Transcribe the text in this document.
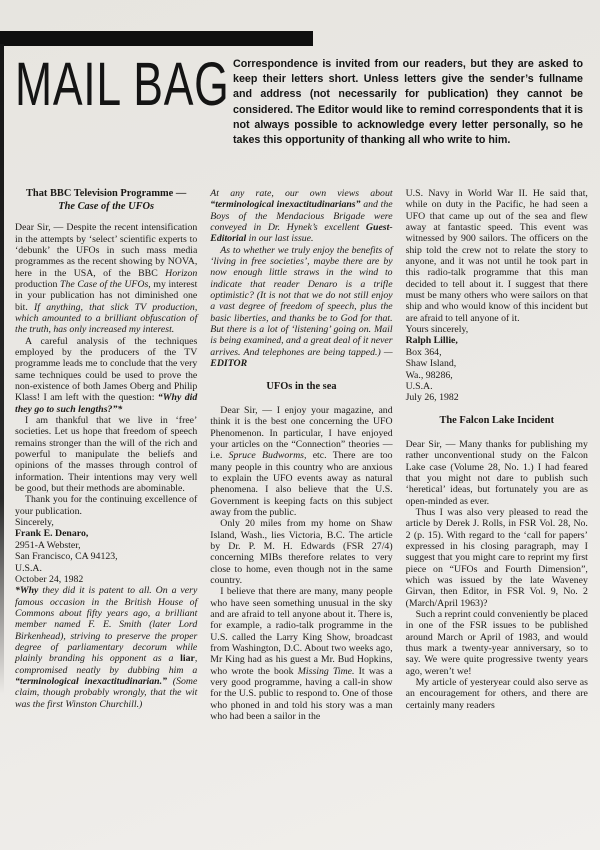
MAIL BAG Correspondence is invited from our readers, but they are asked to keep their letters short. Unless letters give the sender’s fullname and address (not necessarily for publication) they cannot be considered. The Editor would like to remind correspondents that it is not always possible to acknowledge every letter personally, so he takes this opportunity of thanking all who write to him.
That BBC Television Programme —
The Case of the UFOs

Dear Sir, — Despite the recent intensification in the attempts by ‘select’ scientific experts to ‘debunk’ the UFOs in such mass media programmes as the recent showing by NOVA, here in the USA, of the BBC Horizon production The Case of the UFOs, my interest in your publication has not diminished one bit. If anything, that slick TV production, which amounted to a brilliant obfuscation of the truth, has only increased my interest.

A careful analysis of the techniques employed by the producers of the TV programme leads me to conclude that the very same techniques could be used to prove the non-existence of both James Oberg and Philip Klass! I am left with the question: “Why did they go to such lengths?”*

I am thankful that we live in ‘free’ societies. Let us hope that freedom of speech remains stronger than the will of the rich and powerful to manipulate the beliefs and opinions of the masses through control of information. Their intentions may very well be good, but their methods are abominable.

Thank you for the continuing excellence of your publication.

Sincerely,
Frank E. Denaro,
2951-A Webster,
San Francisco, CA 94123,
U.S.A.
October 24, 1982

*Why they did it is patent to all. On a very famous occasion in the British House of Commons about fifty years ago, a brilliant member named F. E. Smith (later Lord Birkenhead), striving to preserve the proper degree of parliamentary decorum while plainly branding his opponent as a liar, compromised neatly by dubbing him a “terminological inexactitudinarian.” (Some claim, though probably wrongly, that the wit was the first Winston Churchill.)

At any rate, our own views about “terminological inexactitudinarians” and the Boys of the Mendacious Brigade were conveyed in Dr. Hynek’s excellent Guest-Editorial in our last issue.

As to whether we truly enjoy the benefits of ‘living in free societies’, maybe there are by now enough little straws in the wind to indicate that reader Denaro is a trifle optimistic? (It is not that we do not still enjoy a vast degree of freedom of speech, plus the basic liberties, and thanks be to God for that. But there is a lot of ‘listening’ going on. Mail is being examined, and a great deal of it never arrives. And telephones are being tapped.) — EDITOR

UFOs in the sea

Dear Sir, — I enjoy your magazine, and think it is the best one concerning the UFO Phenomenon. In particular, I have enjoyed your articles on the “Connection” theories — i.e. Spruce Budworms, etc. There are too many people in this country who are anxious to explain the UFO events away as natural phenomena. I also believe that the U.S. Government is keeping facts on this subject away from the public.

Only 20 miles from my home on Shaw Island, Wash., lies Victoria, B.C. The article by Dr. P. M. H. Edwards (FSR 27/4) concerning MIBs therefore relates to very close to home, even though not in the same country.

I believe that there are many, many people who have seen something unusual in the sky and are afraid to tell anyone about it. There is, for example, a radio-talk programme in the U.S. called the Larry King Show, broadcast from Washington, D.C. About two weeks ago, Mr King had as his guest a Mr. Bud Hopkins, who wrote the book Missing Time. It was a very good programme, having a call-in show for the U.S. public to respond to. One of those who phoned in and told his story was a man who had been a sailor in the

U.S. Navy in World War II. He said that, while on duty in the Pacific, he had seen a UFO that came up out of the sea and flew away at fantastic speed. This event was witnessed by 900 sailors. The officers on the ship told the crew not to relate the story to anyone, and it was not until he took part in this radio-talk programme that this man decided to tell about it. I suggest that there must be many others who were sailors on that ship and who would know of this incident but are afraid to tell anyone of it.

Yours sincerely,
Ralph Lillie,
Box 364,
Shaw Island,
Wa., 98286,
U.S.A.
July 26, 1982
The Falcon Lake Incident

Dear Sir, — Many thanks for publishing my rather unconventional study on the Falcon Lake case (Volume 28, No. 1.) I had feared that you might not dare to publish such ‘heretical’ ideas, but fortunately you are as open-minded as ever.

Thus I was also very pleased to read the article by Derek J. Rolls, in FSR Vol. 28, No. 2 (p. 15). With regard to the ‘call for papers’ expressed in his closing paragraph, may I suggest that you might care to reprint my first piece on “UFOs and Fourth Dimension”, which was issued by the late Waveney Girvan, then Editor, in FSR Vol. 9, No. 2 (March/April 1963)?

Such a reprint could conveniently be placed in one of the FSR issues to be published around March or April of 1983, and would thus mark a twenty-year anniversary, so to say. We were quite progressive twenty years ago, weren’t we!

My article of yesteryear could also serve as an encouragement for others, and there are certainly many readers
